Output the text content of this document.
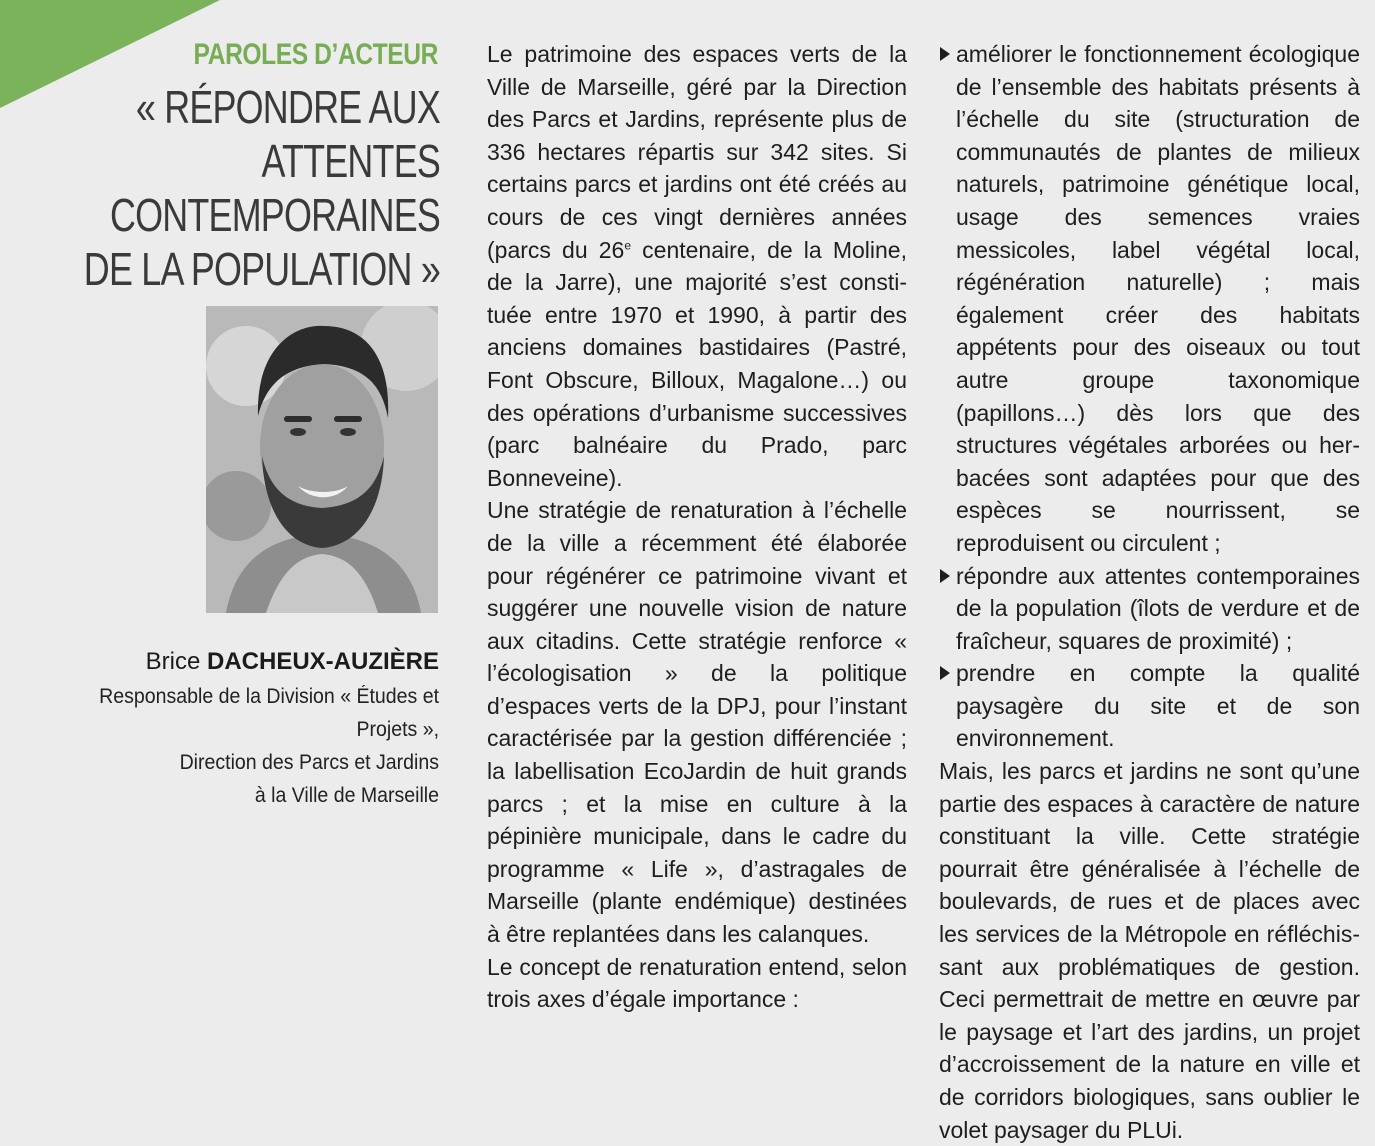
PAROLES D’ACTEUR
« RÉPONDRE AUX ATTENTES
CONTEMPORAINES
DE LA POPULATION »
Brice DACHEUX-AUZIÈRE
Responsable de la Division « Études et Projets »,
Direction des Parcs et Jardins
à la Ville de Marseille

Le patrimoine des espaces verts de la Ville de Marseille, géré par la Direction des Parcs et Jardins, représente plus de 336 hectares répartis sur 342 sites. Si certains parcs et jardins ont été créés au cours de ces vingt dernières années (parcs du 26e centenaire, de la Moline, de la Jarre), une majorité s’est constituée entre 1970 et 1990, à partir des anciens domaines bastidaires (Pastré, Font Obscure, Billoux, Magalone…) ou des opérations d’urbanisme successives (parc balnéaire du Prado, parc Bonneveine).

Une stratégie de renaturation à l’échelle de la ville a récemment été élaborée pour régénérer ce patrimoine vivant et suggérer une nouvelle vision de nature aux citadins. Cette stratégie renforce « l’écologisation » de la politique d’espaces verts de la DPJ, pour l’instant caractérisée par la gestion différenciée ; la labellisation EcoJardin de huit grands parcs ; et la mise en culture à la pépinière municipale, dans le cadre du programme « Life », d’astragales de Marseille (plante endémique) destinées à être replantées dans les calanques.

Le concept de renaturation entend, selon trois axes d’égale importance :

améliorer le fonctionnement écologique de l’ensemble des habitats présents à l’échelle du site (structuration de communautés de plantes de milieux naturels, patrimoine génétique local, usage des semences vraies messicoles, label végétal local, régénération naturelle) ; mais également créer des habitats appétents pour des oiseaux ou tout autre groupe taxonomique (papillons…) dès lors que des structures végétales arborées ou herbacées sont adaptées pour que des espèces se nourrissent, se reproduisent ou circulent ;
répondre aux attentes contemporaines de la population (îlots de verdure et de fraîcheur, squares de proximité) ;
prendre en compte la qualité paysagère du site et de son environnement.

Mais, les parcs et jardins ne sont qu’une partie des espaces à caractère de nature constituant la ville. Cette stratégie pourrait être généralisée à l’échelle de boulevards, de rues et de places avec les services de la Métropole en réfléchissant aux problématiques de gestion. Ceci permettrait de mettre en œuvre par le paysage et l’art des jardins, un projet d’accroissement de la nature en ville et de corridors biologiques, sans oublier le volet paysager du PLUi.
